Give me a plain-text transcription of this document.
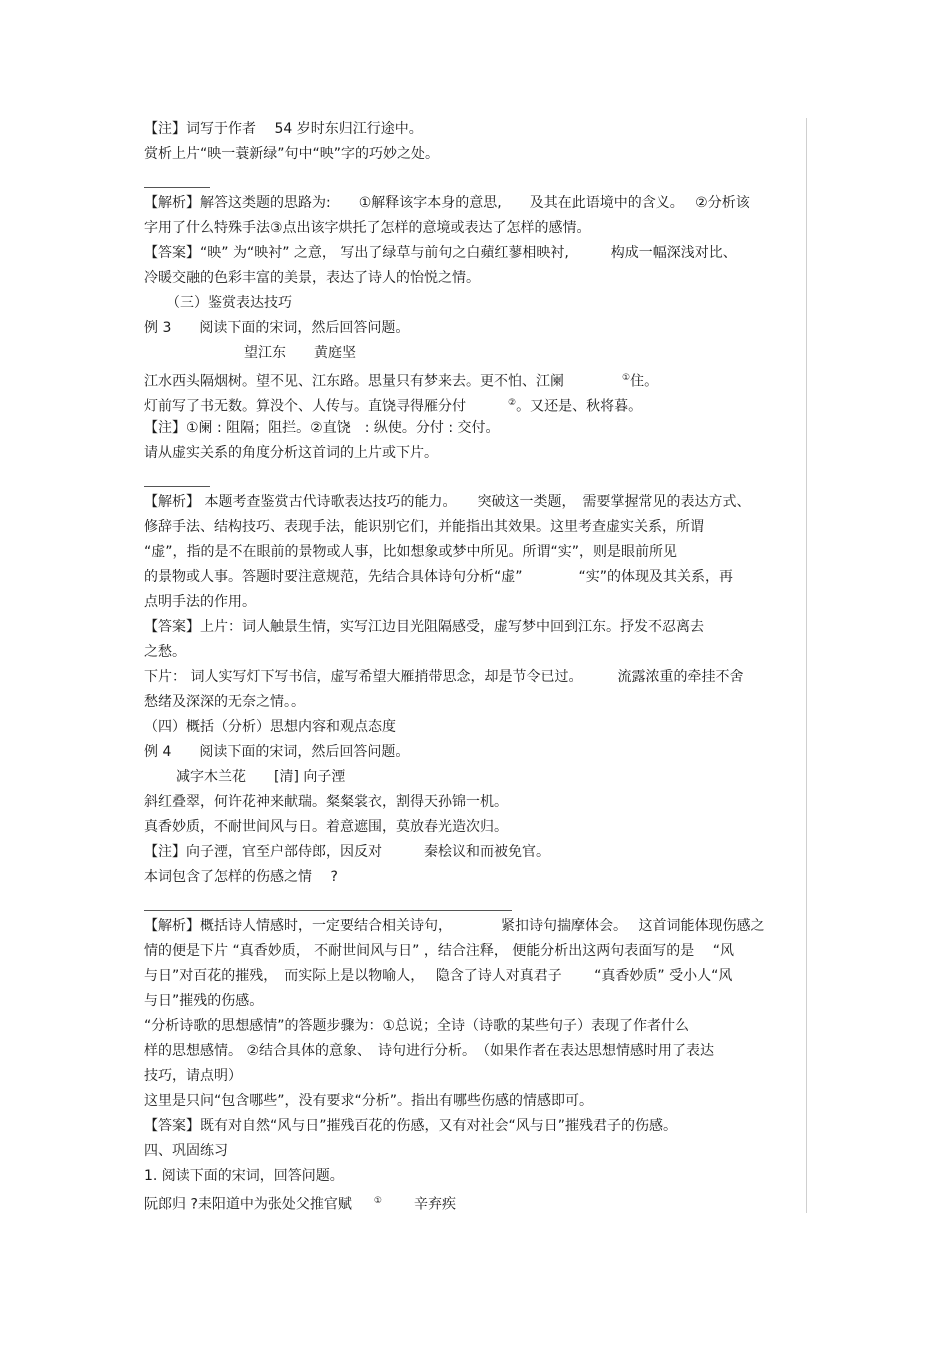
【注】词写于作者　 54 岁时东归江行途中。
赏析上片“映一蓑新绿”句中“映”字的巧妙之处。
【解析】解答这类题的思路为:　　①解释该字本身的意思,　　及其在此语境中的含义。　 ②分析该
字用了什么特殊手法③点出该字烘托了怎样的意境或表达了怎样的感情。
【答案】“映” 为“映衬” 之意， 写出了绿草与前句之白蘋红蓼相映衬,　　　构成一幅深浅对比、
冷暖交融的色彩丰富的美景，表达了诗人的怡悦之情。
（三）鉴赏表达技巧
例 3　　阅读下面的宋词，然后回答问题。
望江东　　黄庭坚
江水西头隔烟树。望不见、江东路。思量只有梦来去。更不怕、江阑	①住。
灯前写了书无数。算没个、人传与。直饶寻得雁分付	②。又还是、秋将暮。
【注】①阑 : 阻隔；阻拦。②直饶　: 纵使。分付 : 交付。
请从虚实关系的角度分析这首词的上片或下片。
【解析】 本题考查鉴赏古代诗歌表达技巧的能力。　　突破这一类题，　需要掌握常见的表达方式、
修辞手法、结构技巧、表现手法，能识别它们，并能指出其效果。这里考查虚实关系，所谓
“虚”，指的是不在眼前的景物或人事，比如想象或梦中所见。所谓“实”，则是眼前所见
的景物或人事。答题时要注意规范，先结合具体诗句分析“虚”　　　　“实”的体现及其关系，再
点明手法的作用。
【答案】上片：词人触景生情，实写江边目光阻隔感受，虚写梦中回到江东。抒发不忍离去
之愁。
下片： 词人实写灯下写书信，虚写希望大雁捎带思念，却是节令已过。　　　流露浓重的牵挂不舍
愁绪及深深的无奈之情。。
（四）概括（分析）思想内容和观点态度
例 4　　阅读下面的宋词，然后回答问题。
减字木兰花　　[清] 向子湮
斜红叠翠，何许花神来献瑞。粲粲裳衣，割得天孙锦一机。
真香妙质，不耐世间风与日。着意遮围，莫放春光造次归。
【注】向子湮，官至户部侍郎，因反对　　　秦桧议和而被免官。
本词包含了怎样的伤感之情　 ?
【解析】概括诗人情感时，一定要结合相关诗句，　　　　紧扣诗句揣摩体会。　 这首词能体现伤感之
情的便是下片 “真香妙质， 不耐世间风与日” ，结合注释， 便能分析出这两句表面写的是　 “风
与日”对百花的摧残，　而实际上是以物喻人，　 隐含了诗人对真君子　　 “真香妙质” 受小人“风
与日”摧残的伤感。
“分析诗歌的思想感情”的答题步骤为：①总说；全诗（诗歌的某些句子）表现了作者什么
样的思想感情。 ②结合具体的意象、　诗句进行分析。　（如果作者在表达思想情感时用了表达
技巧，请点明）
这里是只问“包含哪些”，没有要求“分析”。指出有哪些伤感的情感即可。
【答案】既有对自然“风与日”摧残百花的伤感，又有对社会“风与日”摧残君子的伤感。
四、巩固练习
1. 阅读下面的宋词，回答问题。
阮郎归 ?耒阳道中为张处父推官赋 ① 辛弃疾
